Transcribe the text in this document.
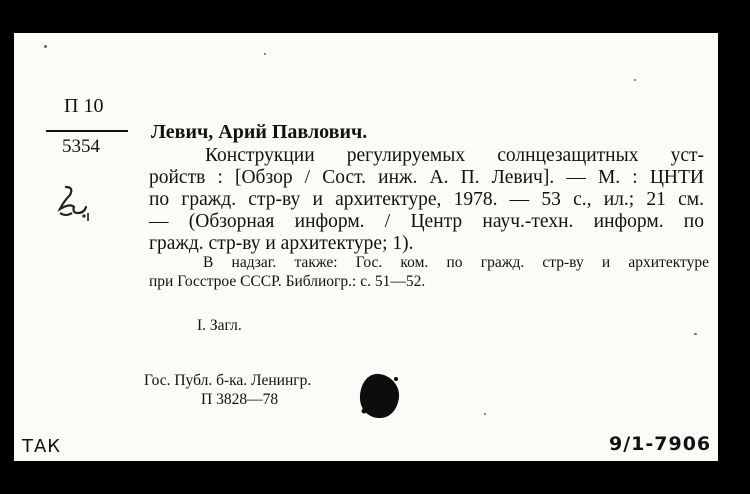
П 10
5354
Левич, Арий Павлович.
Конструкции регулируемых солнцезащитных уст-
ройств : [Обзор / Сост. инж. А. П. Левич]. — М. : ЦНТИ
по гражд. стр-ву и архитектуре, 1978. — 53 с., ил.; 21 см.
— (Обзорная информ. / Центр науч.-техн. информ. по
гражд. стр-ву и архитектуре; 1).
В надзаг. также: Гос. ком. по гражд. стр-ву и архитектуре
при Госстрое СССР. Библиогр.: с. 51—52.
I. Загл.
Гос. Публ. б-ка. Ленингр.
П 3828—78
ТАК	9/1-7906
